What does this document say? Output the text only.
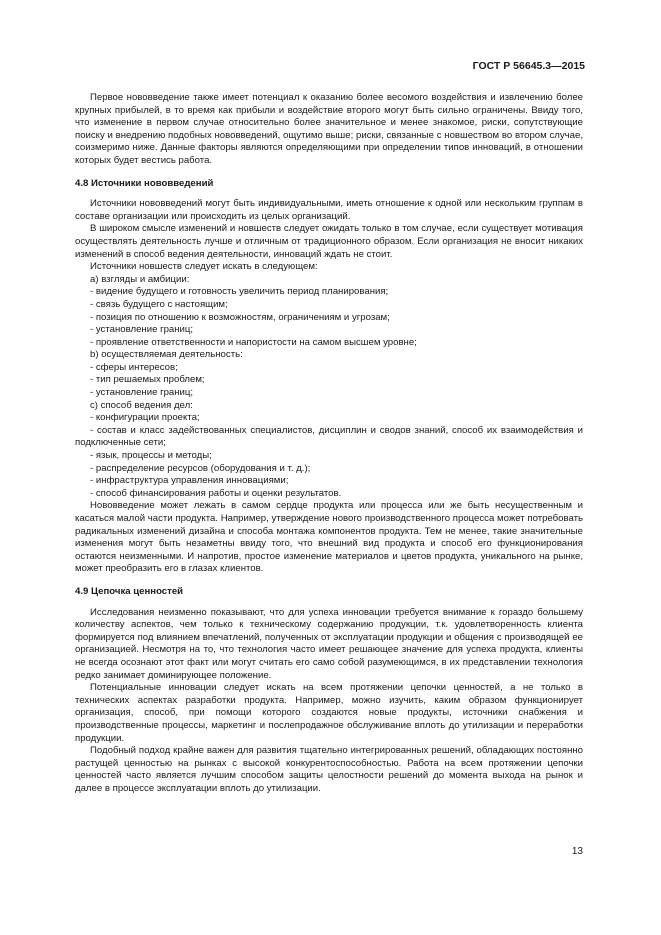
ГОСТ Р 56645.3—2015

Первое нововведение также имеет потенциал к оказанию более весомого воздействия и извлечению более крупных прибылей, в то время как прибыли и воздействие второго могут быть сильно ограничены. Ввиду того, что изменение в первом случае относительно более значительное и менее знакомое, риски, сопутствующие поиску и внедрению подобных нововведений, ощутимо выше; риски, связанные с новшеством во втором случае, соизмеримо ниже. Данные факторы являются определяющими при определении типов инноваций, в отношении которых будет вестись работа.

4.8 Источники нововведений

Источники нововведений могут быть индивидуальными, иметь отношение к одной или нескольким группам в составе организации или происходить из целых организаций.

В широком смысле изменений и новшеств следует ожидать только в том случае, если существует мотивация осуществлять деятельность лучше и отличным от традиционного образом. Если организация не вносит никаких изменений в способ ведения деятельности, инноваций ждать не стоит.

Источники новшеств следует искать в следующем:

а) взгляды и амбиции:

- видение будущего и готовность увеличить период планирования;

- связь будущего с настоящим;

- позиция по отношению к возможностям, ограничениям и угрозам;

- установление границ;

- проявление ответственности и напористости на самом высшем уровне;

b) осуществляемая деятельность:

- сферы интересов;

- тип решаемых проблем;

- установление границ;

c) способ ведения дел:

- конфигурации проекта;

- состав и класс задействованных специалистов, дисциплин и сводов знаний, способ их взаимодействия и подключенные сети;

- язык, процессы и методы;

- распределение ресурсов (оборудования и т. д.);

- инфраструктура управления инновациями;

- способ финансирования работы и оценки результатов.

Нововведение может лежать в самом сердце продукта или процесса или же быть несущественным и касаться малой части продукта. Например, утверждение нового производственного процесса может потребовать радикальных изменений дизайна и способа монтажа компонентов продукта. Тем не менее, такие значительные изменения могут быть незаметны ввиду того, что внешний вид продукта и способ его функционирования остаются неизменными. И напротив, простое изменение материалов и цветов продукта, уникального на рынке, может преобразить его в глазах клиентов.

4.9 Цепочка ценностей

Исследования неизменно показывают, что для успеха инновации требуется внимание к гораздо большему количеству аспектов, чем только к техническому содержанию продукции, т.к. удовлетворенность клиента формируется под влиянием впечатлений, полученных от эксплуатации продукции и общения с производящей ее организацией. Несмотря на то, что технология часто имеет решающее значение для успеха продукта, клиенты не всегда осознают этот факт или могут считать его само собой разумеющимся, в их представлении технология редко занимает доминирующее положение.

Потенциальные инновации следует искать на всем протяжении цепочки ценностей, а не только в технических аспектах разработки продукта. Например, можно изучить, каким образом функционирует организация, способ, при помощи которого создаются новые продукты, источники снабжения и производственные процессы, маркетинг и послепродажное обслуживание вплоть до утилизации и переработки продукции.

Подобный подход крайне важен для развития тщательно интегрированных решений, обладающих постоянно растущей ценностью на рынках с высокой конкурентоспособностью. Работа на всем протяжении цепочки ценностей часто является лучшим способом защиты целостности решений до момента выхода на рынок и далее в процессе эксплуатации вплоть до утилизации.

13
